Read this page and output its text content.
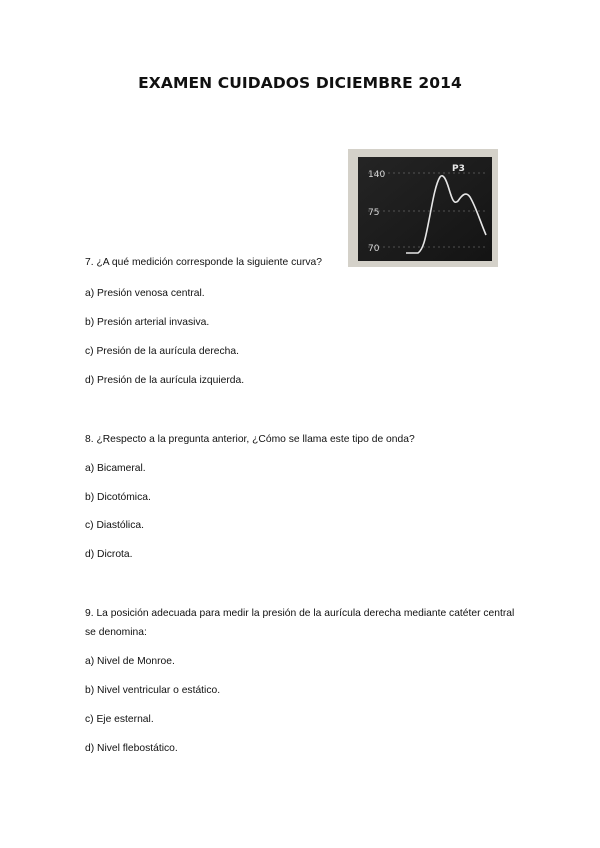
EXAMEN CUIDADOS DICIEMBRE 2014
140
75
70
P3
7. ¿A qué medición corresponde la siguiente curva?
a) Presión venosa central.
b) Presión arterial invasiva.
c) Presión de la aurícula derecha.
d) Presión de la aurícula izquierda.
8. ¿Respecto a la pregunta anterior, ¿Cómo se llama este tipo de onda?
a) Bicameral.
b) Dicotómica.
c) Diastólica.
d) Dicrota.
9. La posición adecuada para medir la presión de la aurícula derecha mediante catéter central se denomina:
a) Nivel de Monroe.
b) Nivel ventricular o estático.
c) Eje esternal.
d) Nivel flebostático.
